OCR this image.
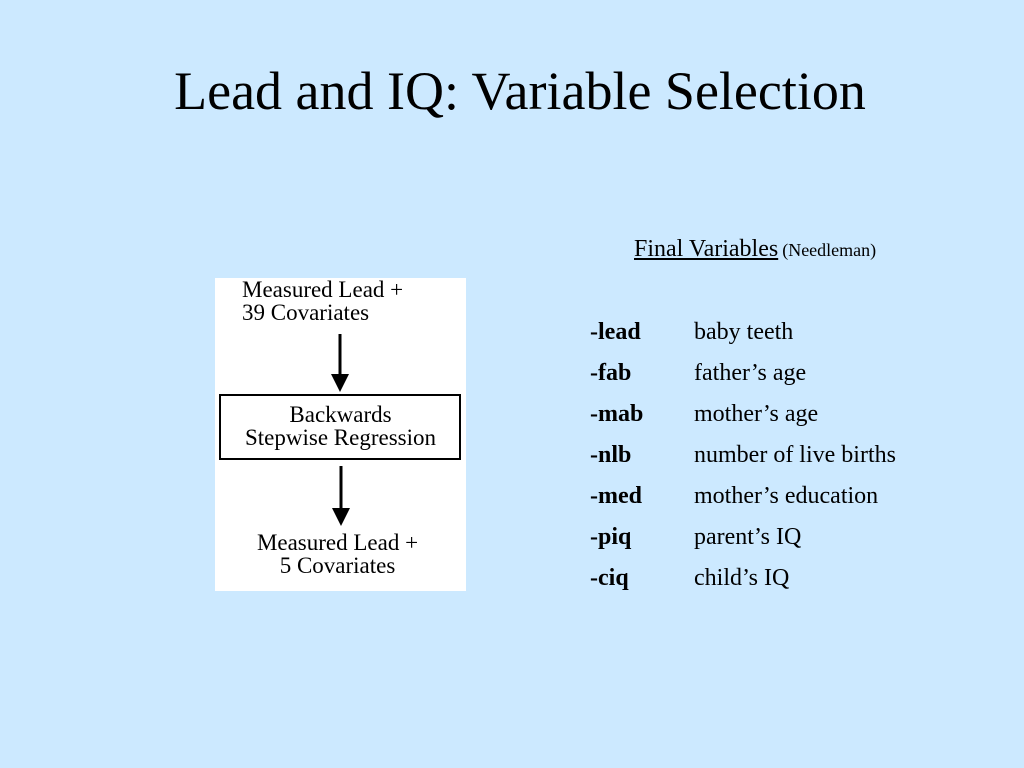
Lead and IQ: Variable Selection
Measured Lead +
39 Covariates
Backwards
Stepwise Regression
Measured Lead +
5 Covariates
Final Variables (Needleman)
-lead baby teeth
-fab	father’s age
-mab mother’s age
-nlb	number of live births
-med mother’s education
-piq	parent’s IQ
-ciq	child’s IQ
